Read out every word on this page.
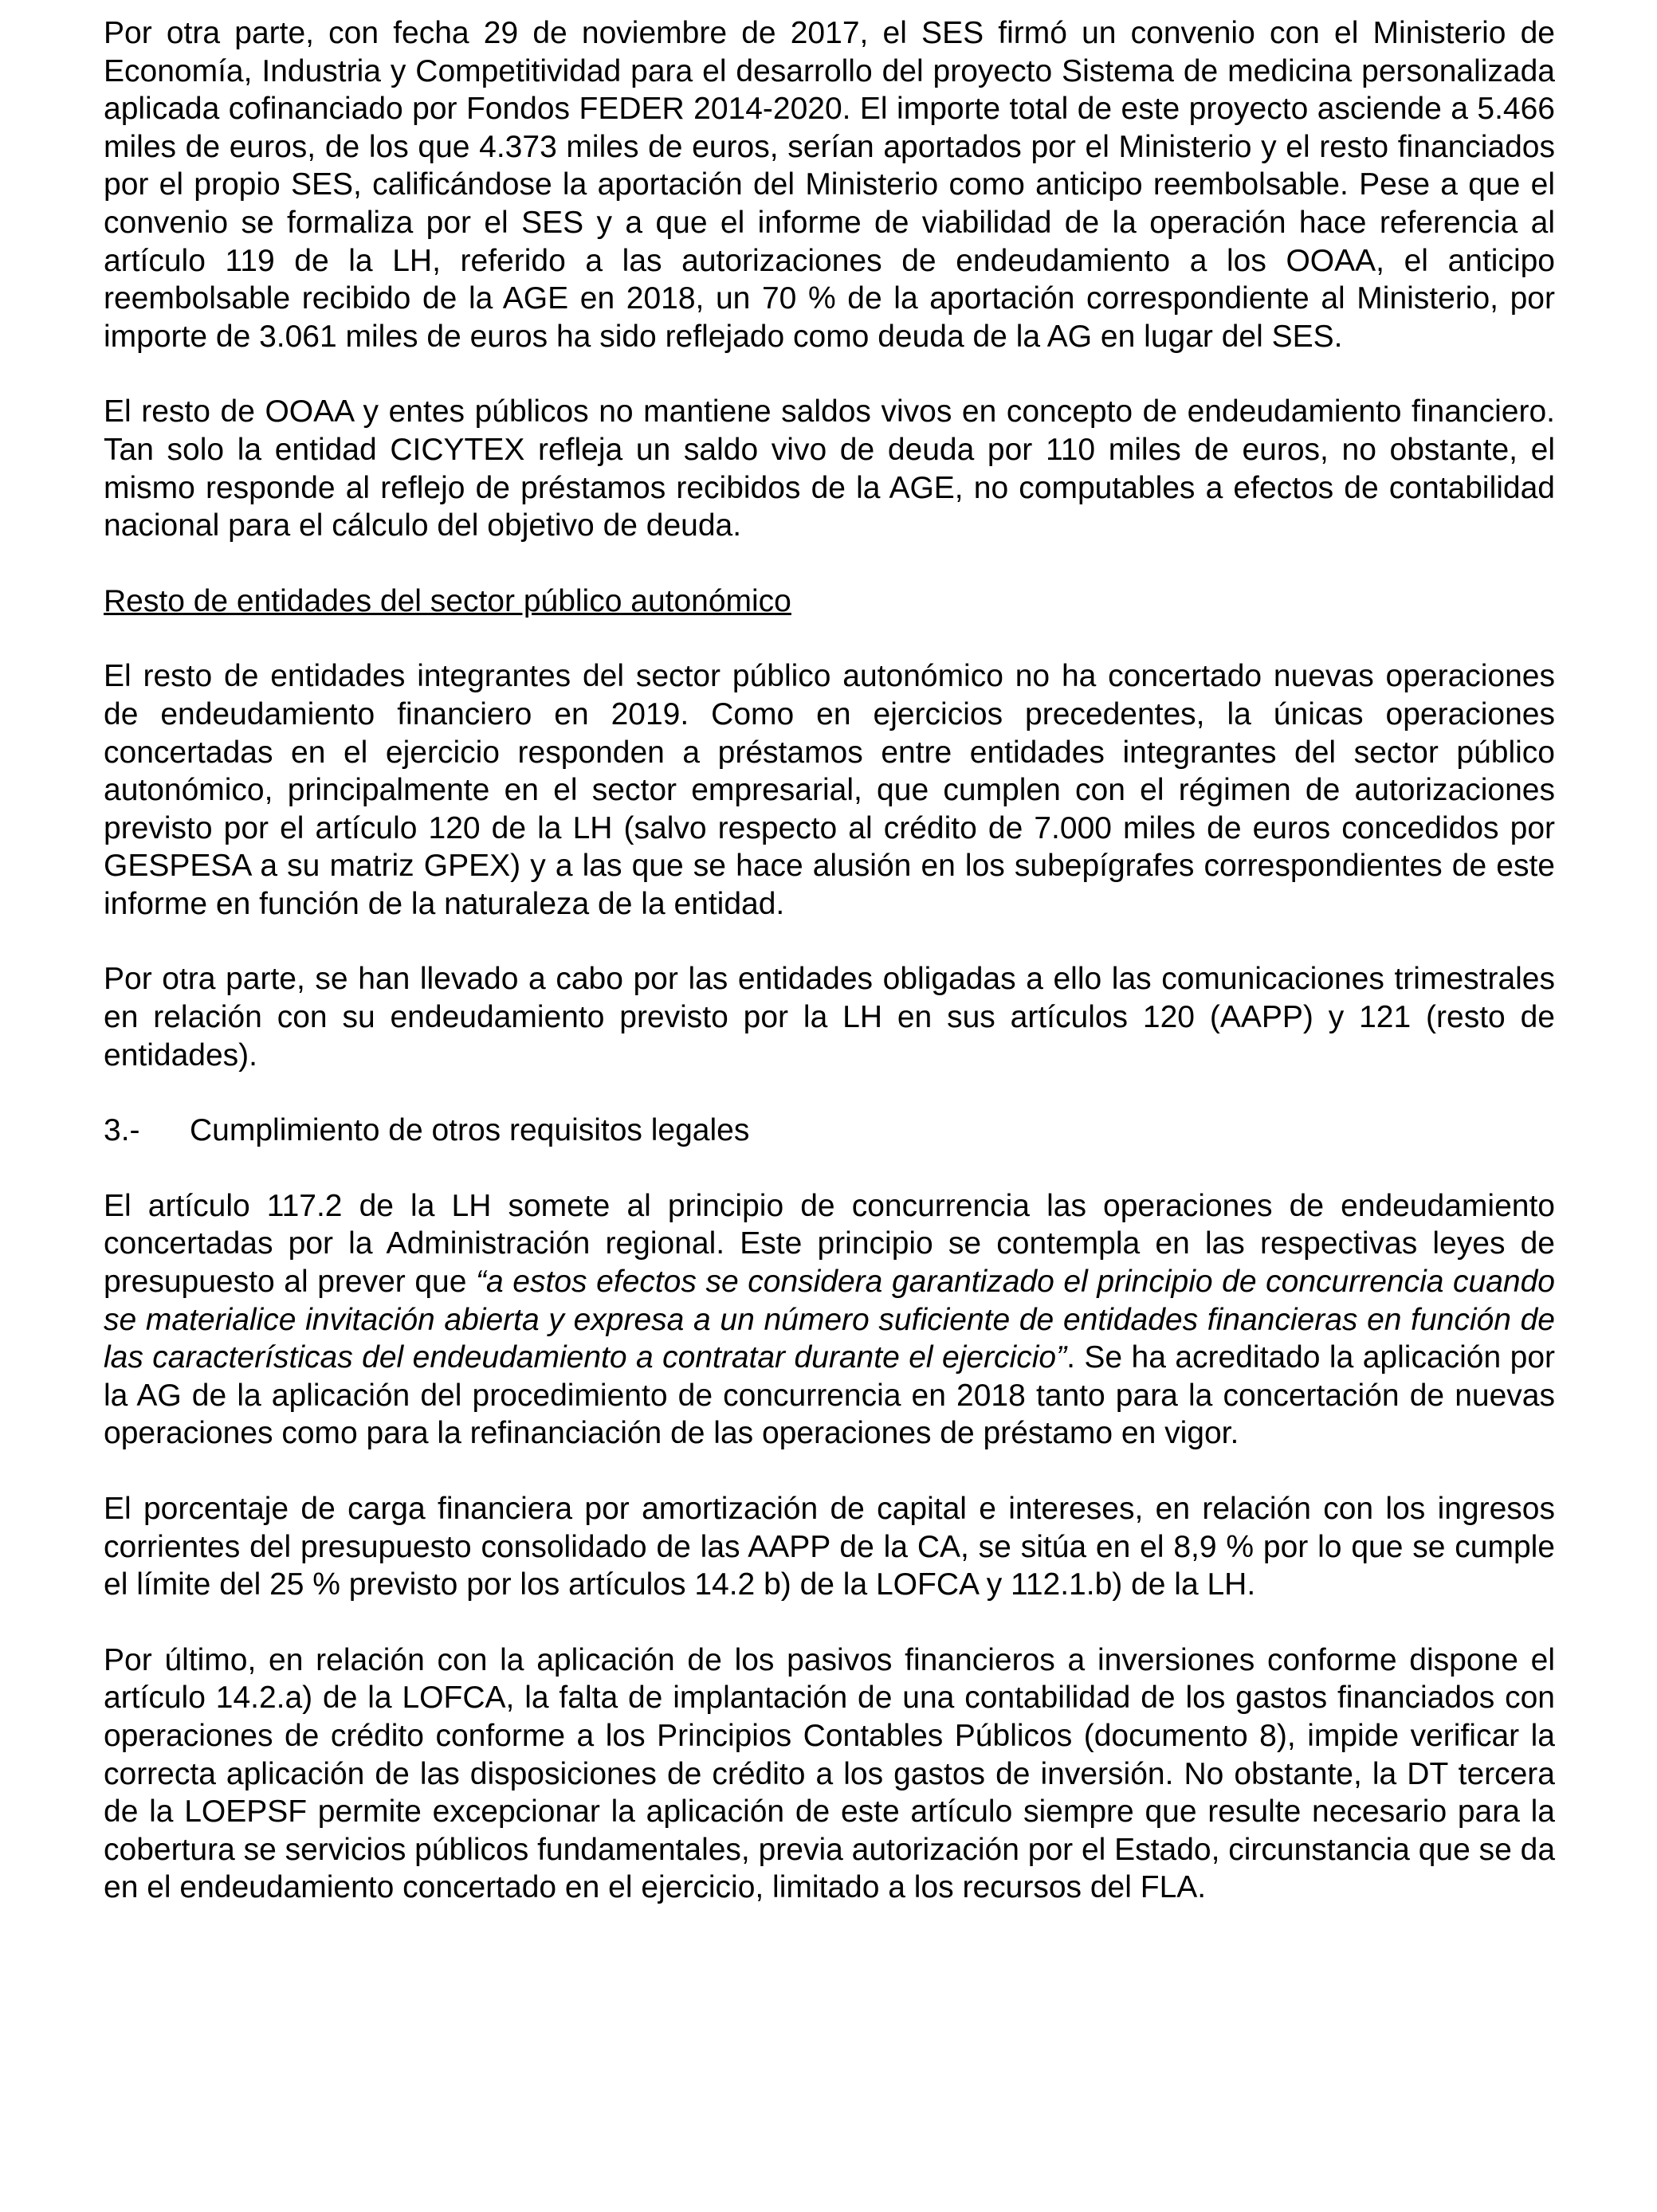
Por otra parte, con fecha 29 de noviembre de 2017, el SES firmó un convenio con el Ministerio de Economía, Industria y Competitividad para el desarrollo del proyecto Sistema de medicina personalizada aplicada cofinanciado por Fondos FEDER 2014-2020. El importe total de este proyecto asciende a 5.466 miles de euros, de los que 4.373 miles de euros, serían aportados por el Ministerio y el resto financiados por el propio SES, calificándose la aportación del Ministerio como anticipo reembolsable. Pese a que el convenio se formaliza por el SES y a que el informe de viabilidad de la operación hace referencia al artículo 119 de la LH, referido a las autorizaciones de endeudamiento a los OOAA, el anticipo reembolsable recibido de la AGE en 2018, un 70 % de la aportación correspondiente al Ministerio, por importe de 3.061 miles de euros ha sido reflejado como deuda de la AG en lugar del SES.

El resto de OOAA y entes públicos no mantiene saldos vivos en concepto de endeudamiento financiero. Tan solo la entidad CICYTEX refleja un saldo vivo de deuda por 110 miles de euros, no obstante, el mismo responde al reflejo de préstamos recibidos de la AGE, no computables a efectos de contabilidad nacional para el cálculo del objetivo de deuda.

Resto de entidades del sector público autonómico

El resto de entidades integrantes del sector público autonómico no ha concertado nuevas operaciones de endeudamiento financiero en 2019. Como en ejercicios precedentes, la únicas operaciones concertadas en el ejercicio responden a préstamos entre entidades integrantes del sector público autonómico, principalmente en el sector empresarial, que cumplen con el régimen de autorizaciones previsto por el artículo 120 de la LH (salvo respecto al crédito de 7.000 miles de euros concedidos por GESPESA a su matriz GPEX) y a las que se hace alusión en los subepígrafes correspondientes de este informe en función de la naturaleza de la entidad.

Por otra parte, se han llevado a cabo por las entidades obligadas a ello las comunicaciones trimestrales en relación con su endeudamiento previsto por la LH en sus artículos 120 (AAPP) y 121 (resto de entidades).

3.-	Cumplimiento de otros requisitos legales

El artículo 117.2 de la LH somete al principio de concurrencia las operaciones de endeudamiento concertadas por la Administración regional. Este principio se contempla en las respectivas leyes de presupuesto al prever que “a estos efectos se considera garantizado el principio de concurrencia cuando se materialice invitación abierta y expresa a un número suficiente de entidades financieras en función de las características del endeudamiento a contratar durante el ejercicio”. Se ha acreditado la aplicación por la AG de la aplicación del procedimiento de concurrencia en 2018 tanto para la concertación de nuevas operaciones como para la refinanciación de las operaciones de préstamo en vigor.

El porcentaje de carga financiera por amortización de capital e intereses, en relación con los ingresos corrientes del presupuesto consolidado de las AAPP de la CA, se sitúa en el 8,9 % por lo que se cumple el límite del 25 % previsto por los artículos 14.2 b) de la LOFCA y 112.1.b) de la LH.

Por último, en relación con la aplicación de los pasivos financieros a inversiones conforme dispone el artículo 14.2.a) de la LOFCA, la falta de implantación de una contabilidad de los gastos financiados con operaciones de crédito conforme a los Principios Contables Públicos (documento 8), impide verificar la correcta aplicación de las disposiciones de crédito a los gastos de inversión. No obstante, la DT tercera de la LOEPSF permite excepcionar la aplicación de este artículo siempre que resulte necesario para la cobertura se servicios públicos fundamentales, previa autorización por el Estado, circunstancia que se da en el endeudamiento concertado en el ejercicio, limitado a los recursos del FLA.
